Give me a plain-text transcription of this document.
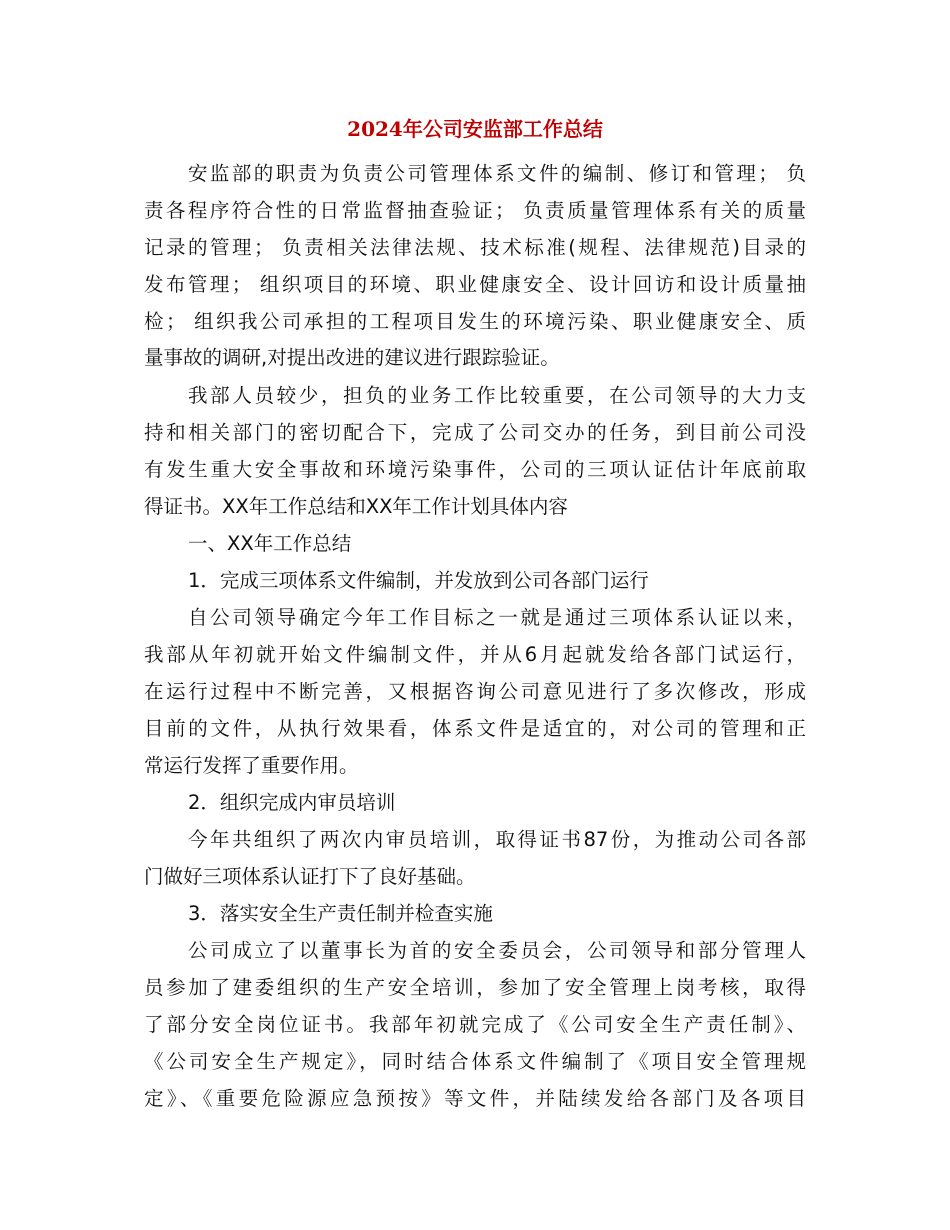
2024年公司安监部工作总结

安监部的职责为负责公司管理体系文件的编制、修订和管理； 负

责各程序符合性的日常监督抽查验证； 负责质量管理体系有关的质量

记录的管理； 负责相关法律法规、技术标准(规程、法律规范)目录的

发布管理； 组织项目的环境、职业健康安全、设计回访和设计质量抽

检； 组织我公司承担的工程项目发生的环境污染、职业健康安全、质

量事故的调研,对提出改进的建议进行跟踪验证。

我部人员较少，担负的业务工作比较重要，在公司领导的大力支

持和相关部门的密切配合下，完成了公司交办的任务，到目前公司没

有发生重大安全事故和环境污染事件，公司的三项认证估计年底前取

得证书。XX年工作总结和XX年工作计划具体内容

一、XX年工作总结

1．完成三项体系文件编制，并发放到公司各部门运行

自公司领导确定今年工作目标之一就是通过三项体系认证以来，

我部从年初就开始文件编制文件，并从6月起就发给各部门试运行，

在运行过程中不断完善，又根据咨询公司意见进行了多次修改，形成

目前的文件，从执行效果看，体系文件是适宜的，对公司的管理和正

常运行发挥了重要作用。

2．组织完成内审员培训

今年共组织了两次内审员培训，取得证书87份，为推动公司各部

门做好三项体系认证打下了良好基础。

3．落实安全生产责任制并检查实施

公司成立了以董事长为首的安全委员会，公司领导和部分管理人

员参加了建委组织的生产安全培训，参加了安全管理上岗考核，取得

了部分安全岗位证书。我部年初就完成了《公司安全生产责任制》、

《公司安全生产规定》，同时结合体系文件编制了《项目安全管理规

定》、《重要危险源应急预按》等文件，并陆续发给各部门及各项目
